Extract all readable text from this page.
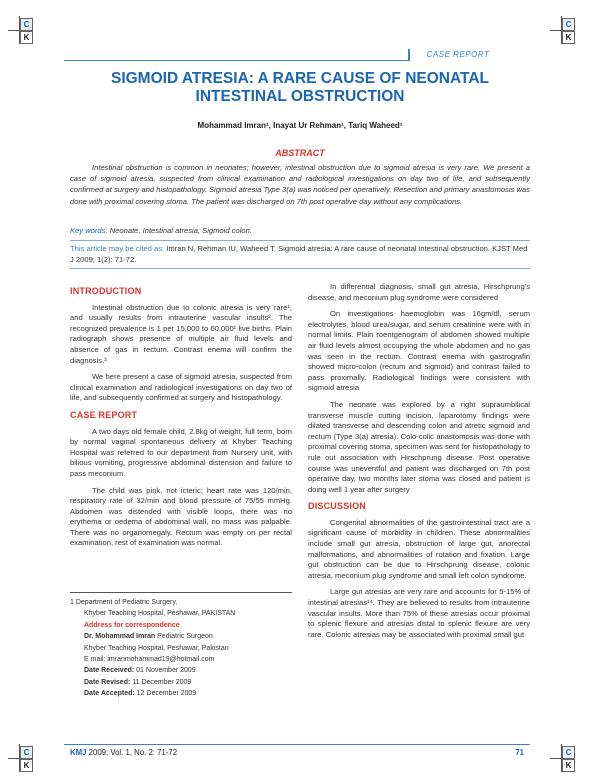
C
K
C
K
C
K
C
K
CASE REPORT
SIGMOID ATRESIA: A RARE CAUSE OF NEONATAL INTESTINAL OBSTRUCTION
Mohammad Imran¹, Inayat Ur Rehman¹, Tariq Waheed¹
ABSTRACT

Intestinal obstruction is common in neonates; however, intestinal obstruction due to sigmoid atresia is very rare. We present a case of sigmoid atresia, suspected from clinical examination and radiological investigations on day two of life, and subsequently confirmed at surgery and histopathology. Sigmoid atresia Type 3(a) was noticed per operatively. Resection and primary anastomosis was done with proximal covering stoma. The patient was discharged on 7th post operative day without any complications.

Key words: Neonate, Intestinal atresia, Sigmoid colon.
This article may be cited as: Imran N, Rehman IU, Waheed T. Sigmoid atresia: A rare cause of neonatal intestinal obstruction. KJST Med J 2009; 1(2): 71-72.
INTRODUCTION

Intestinal obstruction due to colonic atresia is very rare¹, and usually results from intrauterine vascular insults². The recognized prevalence is 1 per 15,000 to 60,000¹ live births. Plain radiograph shows presence of multiple air fluid levels and absence of gas in rectum. Contrast enema will confirm the diagnosis.³

We here present a case of sigmoid atresia, suspected from clinical examination and radiological investigations on day two of life, and subsequently confirmed at surgery and histopathology.

CASE REPORT

A two days old female child, 2.8kg of weight, full term, born by normal vaginal spontaneous delivery at Khyber Teaching Hospital was referred to our department from Nursery unit, with bilious vomiting, progressive abdominal distension and failure to pass meconium.

The child was pink, not icteric; heart rate was 120/min, respiratory rate of 32/min and blood pressure of 75/55 mmHg. Abdomen was distended with visible loops, there was no erythema or oedema of abdominal wall, no mass was palpable. There was no organomegaly. Rectum was empty on per rectal examination, rest of examination was normal.

In differential diagnosis, small gut atresia, Hirschprung's disease, and meconium plug syndrome were considered

On investigations haemoglobin was 16gm/dl, serum electrolytes, blood urea/sugar, and serum creatinine were with in normal limits. Plain roentgenogram of abdomen showed multiple air fluid levels almost occupying the whole abdomen and no gas was seen in the rectum. Contrast enema with gastrografin showed micro-colon (rectum and sigmoid) and contrast failed to pass proximally. Radiological findings were consistent with sigmoid atresia

The neonate was explored by a right supraumbilical transverse muscle cutting incision, laparotomy findings were dilated transverse and descending colon and atretic sigmoid and rectum (Type 3(a) atresia). Colo-colic anastomosis was done with proximal covering stoma, specimen was sent for histopathology to rule out association with Hirschprung disease. Post operative course was uneventful and patient was discharged on 7th post operative day, two months later stoma was closed and patient is doing well 1 year after surgery

DISCUSSION

Congenital abnormalities of the gastrointestinal tract are a significant cause of morbidity in children. These abnormalities include small gut atresia, obstruction of large gut, anorectal malformations, and abnormalities of rotation and fixation. Large gut obstruction can be due to Hirschprung disease, colonic atresia, meconium plug syndrome and small left colon syndrome.

Large gut atresias are very rare and accounts for 5-15% of intestinal atresias¹⁴. They are believed to results from intrauterine vascular insults. More than 75% of these atresias occur proximal to splenic flexure and atresias distal to splenic flexure are very rare. Colonic atresias may be associated with proximal small gut

1 Department of Pediatric Surgery,
Khyber Teaching Hospital, Peshawar, PAKISTAN
Address for correspondence
Dr. Mohammad Imran Pediatric Surgeon
Khyber Teaching Hospital, Peshawar, Pakistan
E mail: imranmohammad19@hotmail.com
Date Received: 01 November 2009
Date Revised: 11 December 2009
Date Accepted: 12 December 2009
KMJ 2009; Vol. 1, No. 2: 71-72	71
